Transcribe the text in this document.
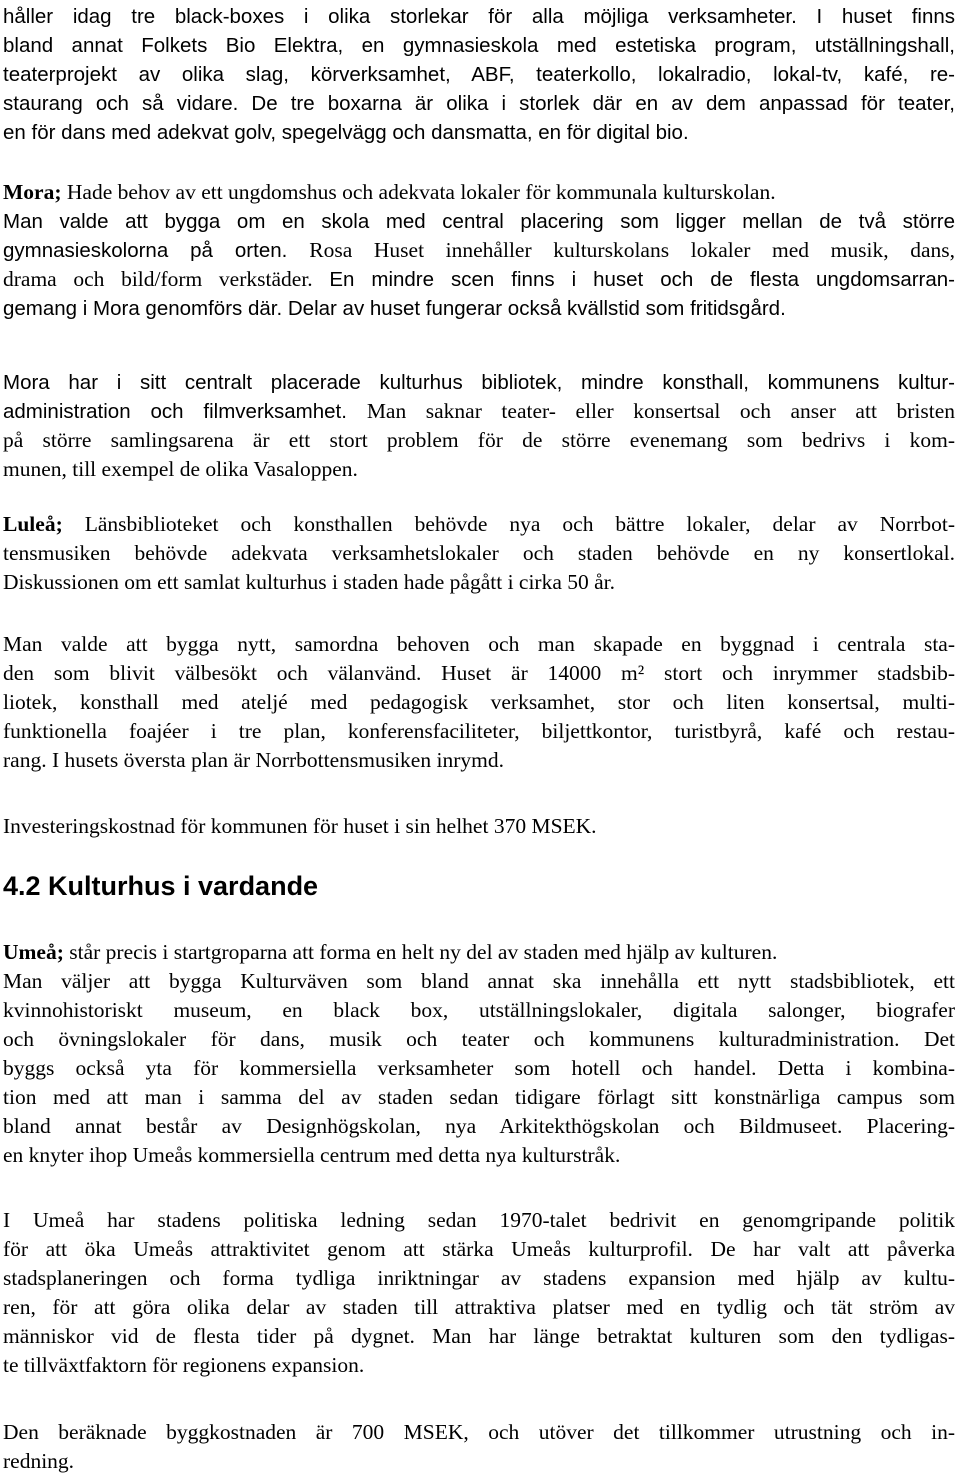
håller idag tre black-boxes i olika storlekar för alla möjliga verksamheter. I huset finns
bland annat Folkets Bio Elektra, en gymnasieskola med estetiska program, utställningshall,
teaterprojekt av olika slag, körverksamhet, ABF, teaterkollo, lokalradio, lokal-tv, kafé, re-
staurang och så vidare. De tre boxarna är olika i storlek där en av dem anpassad för teater,
en för dans med adekvat golv, spegelvägg och dansmatta, en för digital bio.
Mora; Hade behov av ett ungdomshus och adekvata lokaler för kommunala kulturskolan.
Man valde att bygga om en skola med central placering som ligger mellan de två större
gymnasieskolorna på orten. Rosa Huset innehåller kulturskolans lokaler med musik, dans,
drama och bild/form verkstäder. En mindre scen finns i huset och de flesta ungdomsarran-
gemang i Mora genomförs där. Delar av huset fungerar också kvällstid som fritidsgård.
Mora har i sitt centralt placerade kulturhus bibliotek, mindre konsthall, kommunens kultur-
administration och filmverksamhet. Man saknar teater- eller konsertsal och anser att bristen
på större samlingsarena är ett stort problem för de större evenemang som bedrivs i kom-
munen, till exempel de olika Vasaloppen.
Luleå; Länsbiblioteket och konsthallen behövde nya och bättre lokaler, delar av Norrbot-
tensmusiken behövde adekvata verksamhetslokaler och staden behövde en ny konsertlokal.
Diskussionen om ett samlat kulturhus i staden hade pågått i cirka 50 år.
Man valde att bygga nytt, samordna behoven och man skapade en byggnad i centrala sta-
den som blivit välbesökt och välanvänd. Huset är 14000 m² stort och inrymmer stadsbib-
liotek, konsthall med ateljé med pedagogisk verksamhet, stor och liten konsertsal, multi-
funktionella foajéer i tre plan, konferensfaciliteter, biljettkontor, turistbyrå, kafé och restau-
rang. I husets översta plan är Norrbottensmusiken inrymd.
Investeringskostnad för kommunen för huset i sin helhet 370 MSEK.
4.2 Kulturhus i vardande
Umeå; står precis i startgroparna att forma en helt ny del av staden med hjälp av kulturen.
Man väljer att bygga Kulturväven som bland annat ska innehålla ett nytt stadsbibliotek, ett
kvinnohistoriskt museum, en black box, utställningslokaler, digitala salonger, biografer
och övningslokaler för dans, musik och teater och kommunens kulturadministration. Det
byggs också yta för kommersiella verksamheter som hotell och handel. Detta i kombina-
tion med att man i samma del av staden sedan tidigare förlagt sitt konstnärliga campus som
bland annat består av Designhögskolan, nya Arkitekthögskolan och Bildmuseet. Placering-
en knyter ihop Umeås kommersiella centrum med detta nya kulturstråk.
I Umeå har stadens politiska ledning sedan 1970-talet bedrivit en genomgripande politik
för att öka Umeås attraktivitet genom att stärka Umeås kulturprofil. De har valt att påverka
stadsplaneringen och forma tydliga inriktningar av stadens expansion med hjälp av kultu-
ren, för att göra olika delar av staden till attraktiva platser med en tydlig och tät ström av
människor vid de flesta tider på dygnet. Man har länge betraktat kulturen som den tydligas-
te tillväxtfaktorn för regionens expansion.
Den beräknade byggkostnaden är 700 MSEK, och utöver det tillkommer utrustning och in-
redning.
